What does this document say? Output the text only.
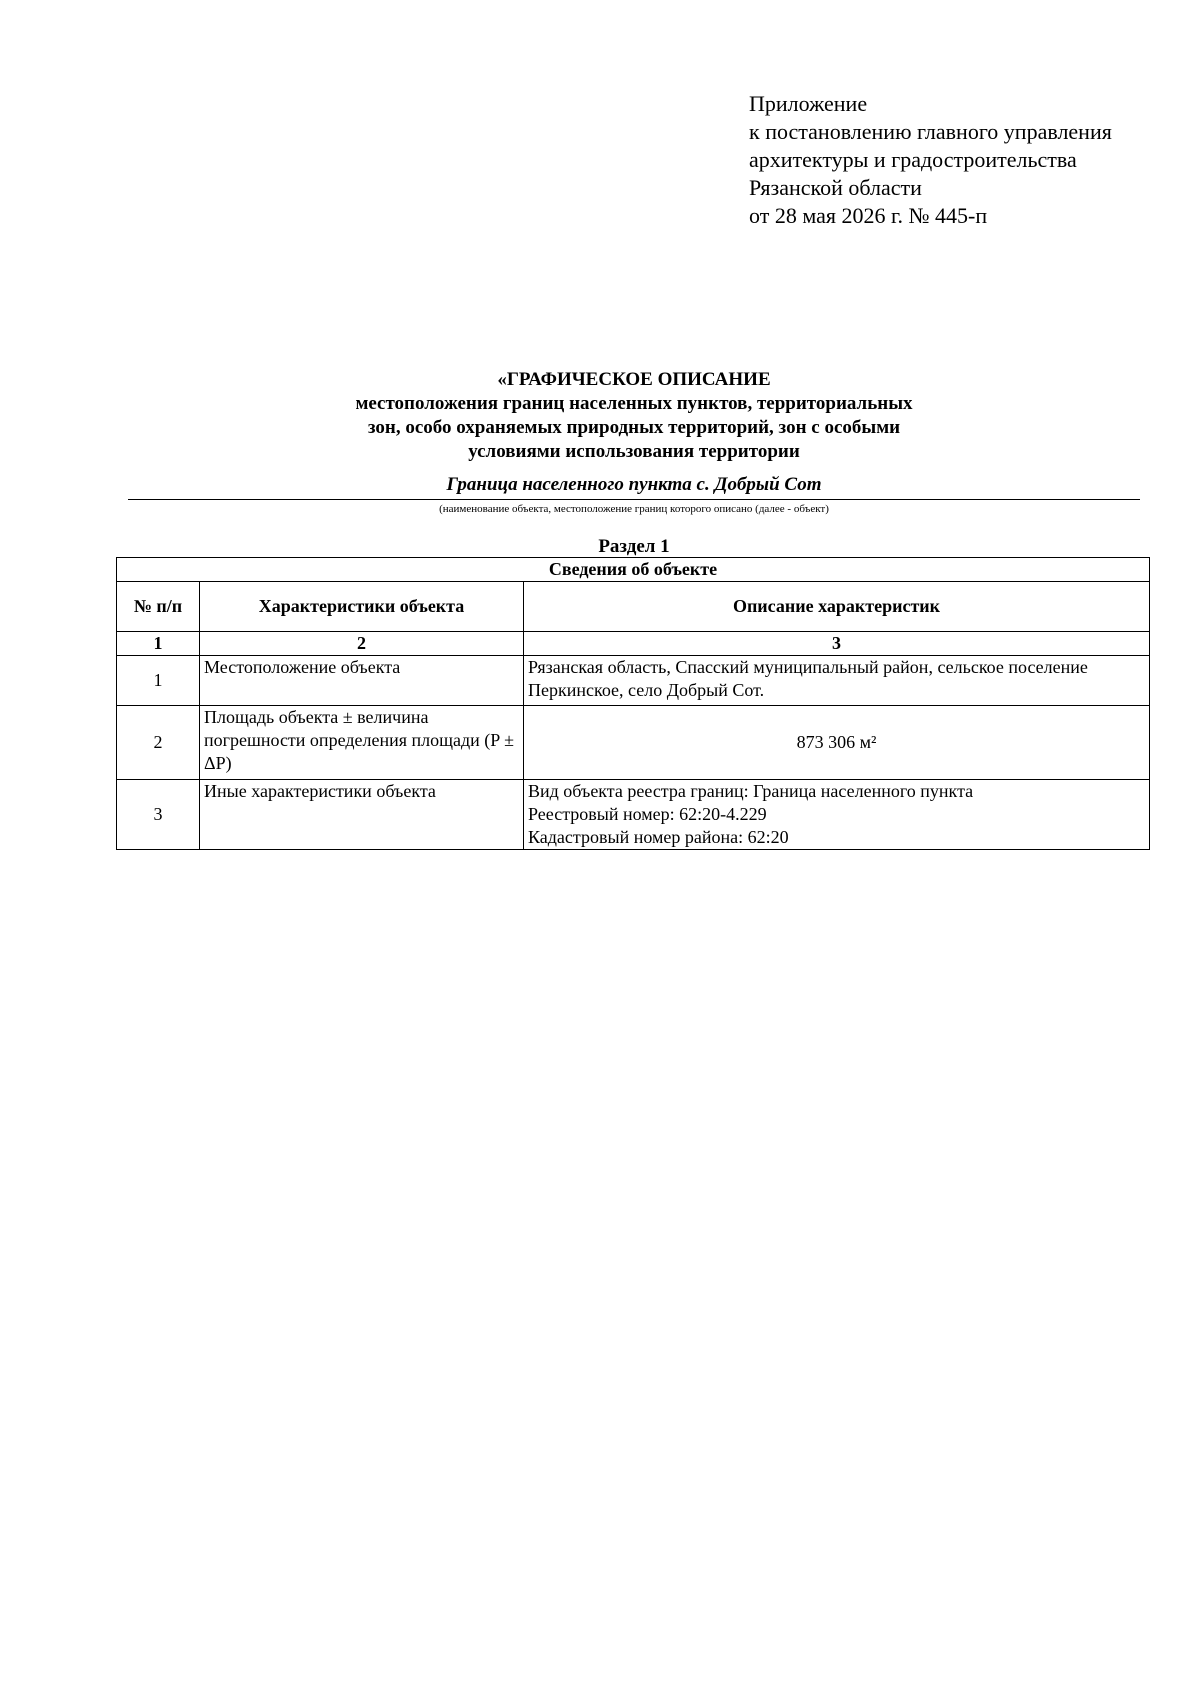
Приложение
к постановлению главного управления
архитектуры и градостроительства
Рязанской области
от 28 мая 2026 г. № 445-п
«ГРАФИЧЕСКОЕ ОПИСАНИЕ
местоположения границ населенных пунктов, территориальных
зон, особо охраняемых природных территорий, зон с особыми
условиями использования территории
Граница населенного пункта с. Добрый Сот
(наименование объекта, местоположение границ которого описано (далее - объект)
Раздел 1
Сведения об объекте		
№ п/п	Характеристики объекта	Описание характеристик
1	2	3
1	Местоположение объекта	Рязанская область, Спасский муниципальный район, сельское поселение Перкинское, село Добрый Сот.
2	Площадь объекта ± величина погрешности определения площади (P ± ΔP)	873 306 м²
3	Иные характеристики объекта	Вид объекта реестра границ: Граница населенного пункта
Реестровый номер: 62:20-4.229
Кадастровый номер района: 62:20
